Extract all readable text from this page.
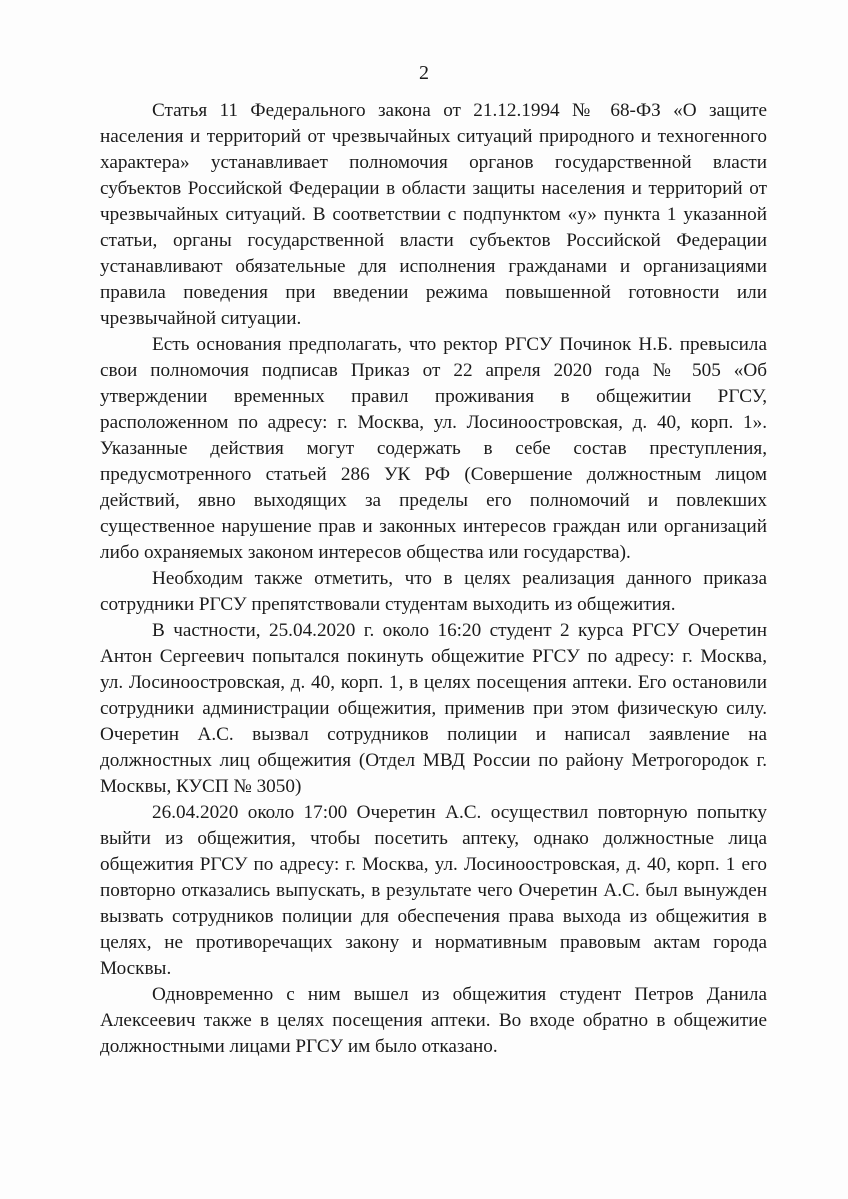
2

Статья 11 Федерального закона от 21.12.1994 № 68-ФЗ «О защите населения и территорий от чрезвычайных ситуаций природного и техногенного характера» устанавливает полномочия органов государственной власти субъектов Российской Федерации в области защиты населения и территорий от чрезвычайных ситуаций. В соответствии с подпунктом «у» пункта 1 указанной статьи, органы государственной власти субъектов Российской Федерации устанавливают обязательные для исполнения гражданами и организациями правила поведения при введении режима повышенной готовности или чрезвычайной ситуации.

Есть основания предполагать, что ректор РГСУ Починок Н.Б. превысила свои полномочия подписав Приказ от 22 апреля 2020 года № 505 «Об утверждении временных правил проживания в общежитии РГСУ, расположенном по адресу: г. Москва, ул. Лосиноостровская, д. 40, корп. 1». Указанные действия могут содержать в себе состав преступления, предусмотренного статьей 286 УК РФ (Совершение должностным лицом действий, явно выходящих за пределы его полномочий и повлекших существенное нарушение прав и законных интересов граждан или организаций либо охраняемых законом интересов общества или государства).

Необходим также отметить, что в целях реализация данного приказа сотрудники РГСУ препятствовали студентам выходить из общежития.

В частности, 25.04.2020 г. около 16:20 студент 2 курса РГСУ Очеретин Антон Сергеевич попытался покинуть общежитие РГСУ по адресу: г. Москва, ул. Лосиноостровская, д. 40, корп. 1, в целях посещения аптеки. Его остановили сотрудники администрации общежития, применив при этом физическую силу. Очеретин А.С. вызвал сотрудников полиции и написал заявление на должностных лиц общежития (Отдел МВД России по району Метрогородок г. Москвы, КУСП № 3050)

26.04.2020 около 17:00 Очеретин А.С. осуществил повторную попытку выйти из общежития, чтобы посетить аптеку, однако должностные лица общежития РГСУ по адресу: г. Москва, ул. Лосиноостровская, д. 40, корп. 1 его повторно отказались выпускать, в результате чего Очеретин А.С. был вынужден вызвать сотрудников полиции для обеспечения права выхода из общежития в целях, не противоречащих закону и нормативным правовым актам города Москвы.

Одновременно с ним вышел из общежития студент Петров Данила Алексеевич также в целях посещения аптеки. Во входе обратно в общежитие должностными лицами РГСУ им было отказано.
